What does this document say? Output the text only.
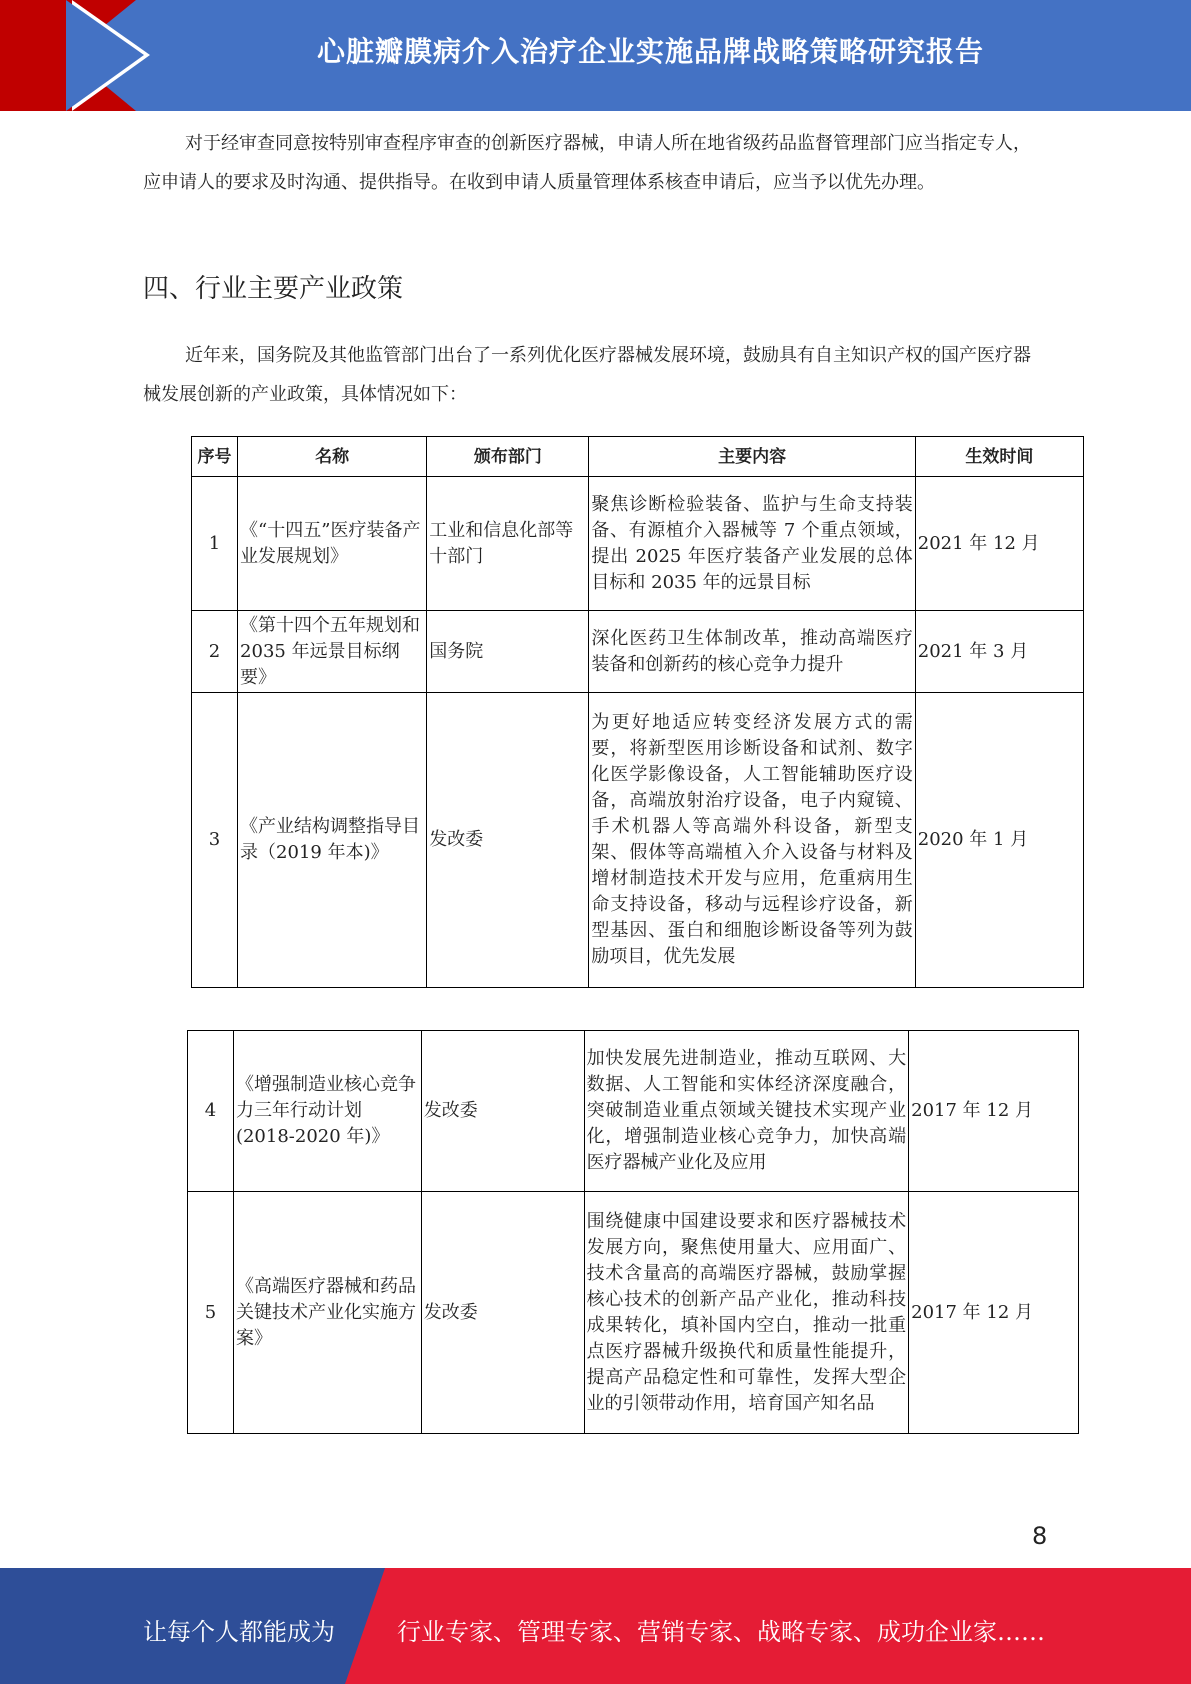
心脏瓣膜病介入治疗企业实施品牌战略策略研究报告
对于经审查同意按特别审查程序审查的创新医疗器械，申请人所在地省级药品监督管理部门应当指定专人，应申请人的要求及时沟通、提供指导。在收到申请人质量管理体系核查申请后，应当予以优先办理。
四、行业主要产业政策
近年来，国务院及其他监管部门出台了一系列优化医疗器械发展环境，鼓励具有自主知识产权的国产医疗器械发展创新的产业政策，具体情况如下：
序号	名称	颁布部门	主要内容	生效时间
1	《“十四五”医疗装备产业发展规划》	工业和信息化部等十部门	聚焦诊断检验装备、监护与生命支持装备、有源植介入器械等 7 个重点领域，提出 2025 年医疗装备产业发展的总体目标和 2035 年的远景目标	2021 年 12 月
2	《第十四个五年规划和 2035 年远景目标纲要》	国务院	深化医药卫生体制改革，推动高端医疗装备和创新药的核心竞争力提升	2021 年 3 月
3	《产业结构调整指导目录（2019 年本)》	发改委	为更好地适应转变经济发展方式的需要，将新型医用诊断设备和试剂、数字化医学影像设备，人工智能辅助医疗设备，高端放射治疗设备，电子内窥镜、手术机器人等高端外科设备，新型支架、假体等高端植入介入设备与材料及增材制造技术开发与应用，危重病用生命支持设备，移动与远程诊疗设备，新型基因、蛋白和细胞诊断设备等列为鼓励项目，优先发展	2020 年 1 月
4	《增强制造业核心竞争力三年行动计划 (2018-2020 年)》	发改委	加快发展先进制造业，推动互联网、大数据、人工智能和实体经济深度融合，突破制造业重点领域关键技术实现产业化，增强制造业核心竞争力，加快高端医疗器械产业化及应用	2017 年 12 月
5	《高端医疗器械和药品关键技术产业化实施方案》	发改委	围绕健康中国建设要求和医疗器械技术发展方向，聚焦使用量大、应用面广、技术含量高的高端医疗器械，鼓励掌握核心技术的创新产品产业化，推动科技成果转化，填补国内空白，推动一批重点医疗器械升级换代和质量性能提升，提高产品稳定性和可靠性，发挥大型企业的引领带动作用，培育国产知名品	2017 年 12 月
8
让每个人都能成为	行业专家、管理专家、营销专家、战略专家、成功企业家……
